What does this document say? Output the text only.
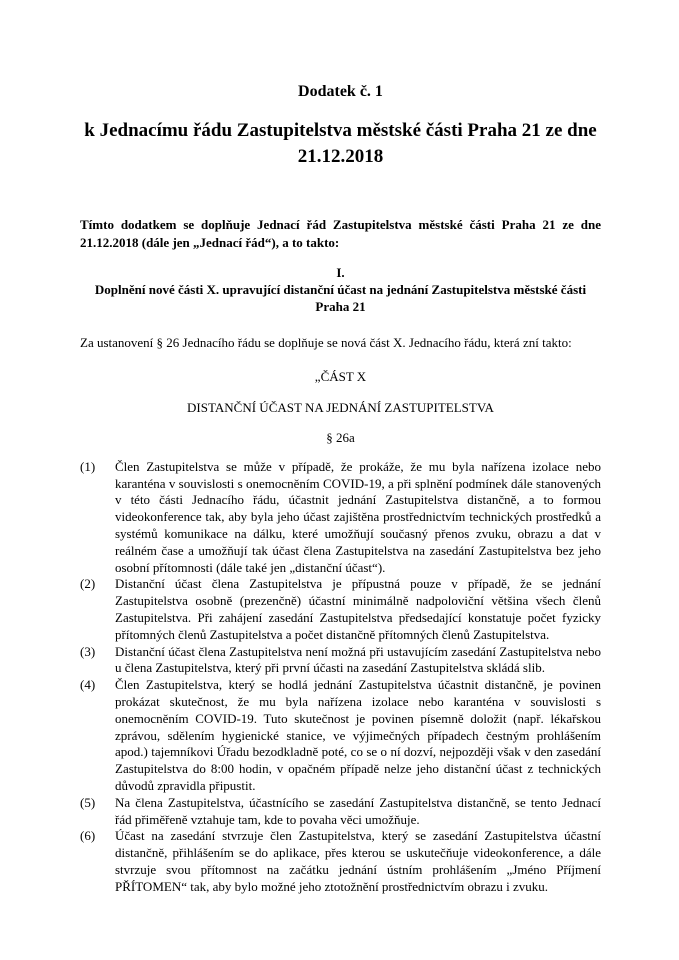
Dodatek č. 1
k Jednacímu řádu Zastupitelstva městské části Praha 21 ze dne 21.12.2018

Tímto dodatkem se doplňuje Jednací řád Zastupitelstva městské části Praha 21 ze dne 21.12.2018 (dále jen „Jednací řád“), a to takto:

I.
Doplnění nové části X. upravující distanční účast na jednání Zastupitelstva městské části Praha 21

Za ustanovení § 26 Jednacího řádu se doplňuje se nová část X. Jednacího řádu, která zní takto:

„ČÁST X
DISTANČNÍ ÚČAST NA JEDNÁNÍ ZASTUPITELSTVA
§ 26a
(1)	Člen Zastupitelstva se může v případě, že prokáže, že mu byla nařízena izolace nebo karanténa v souvislosti s onemocněním COVID-19, a při splnění podmínek dále stanovených v této části Jednacího řádu, účastnit jednání Zastupitelstva distančně, a to formou videokonference tak, aby byla jeho účast zajištěna prostřednictvím technických prostředků a systémů komunikace na dálku, které umožňují současný přenos zvuku, obrazu a dat v reálném čase a umožňují tak účast člena Zastupitelstva na zasedání Zastupitelstva bez jeho osobní přítomnosti (dále také jen „distanční účast“).
(2)	Distanční účast člena Zastupitelstva je přípustná pouze v případě, že se jednání Zastupitelstva osobně (prezenčně) účastní minimálně nadpoloviční většina všech členů Zastupitelstva. Při zahájení zasedání Zastupitelstva předsedající konstatuje počet fyzicky přítomných členů Zastupitelstva a počet distančně přítomných členů Zastupitelstva.
(3)	Distanční účast člena Zastupitelstva není možná při ustavujícím zasedání Zastupitelstva nebo u člena Zastupitelstva, který při první účasti na zasedání Zastupitelstva skládá slib.
(4)	Člen Zastupitelstva, který se hodlá jednání Zastupitelstva účastnit distančně, je povinen prokázat skutečnost, že mu byla nařízena izolace nebo karanténa v souvislosti s onemocněním COVID-19. Tuto skutečnost je povinen písemně doložit (např. lékařskou zprávou, sdělením hygienické stanice, ve výjimečných případech čestným prohlášením apod.) tajemníkovi Úřadu bezodkladně poté, co se o ní dozví, nejpozději však v den zasedání Zastupitelstva do 8:00 hodin, v opačném případě nelze jeho distanční účast z technických důvodů zpravidla připustit.
(5)	Na člena Zastupitelstva, účastnícího se zasedání Zastupitelstva distančně, se tento Jednací řád přiměřeně vztahuje tam, kde to povaha věci umožňuje.
(6)	Účast na zasedání stvrzuje člen Zastupitelstva, který se zasedání Zastupitelstva účastní distančně, přihlášením se do aplikace, přes kterou se uskutečňuje videokonference, a dále stvrzuje svou přítomnost na začátku jednání ústním prohlášením „Jméno Příjmení PŘÍTOMEN“ tak, aby bylo možné jeho ztotožnění prostřednictvím obrazu i zvuku.
